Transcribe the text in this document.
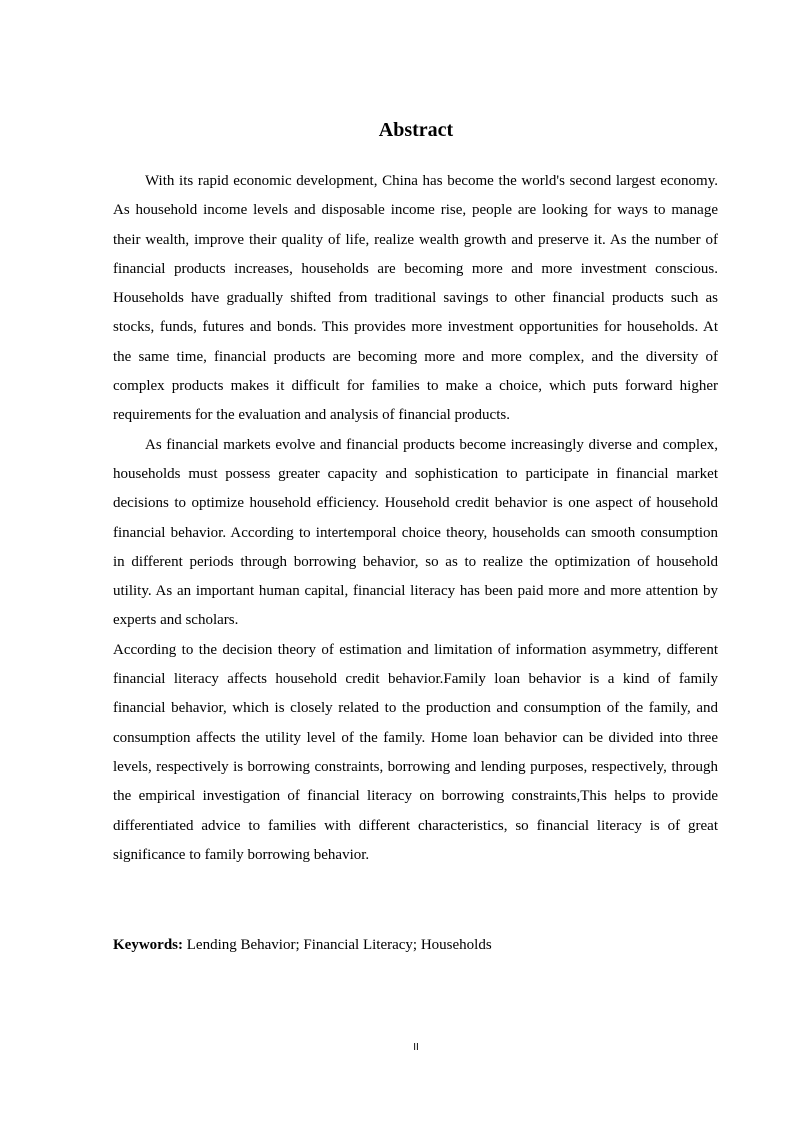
Abstract

With its rapid economic development, China has become the world's second largest economy. As household income levels and disposable income rise, people are looking for ways to manage their wealth, improve their quality of life, realize wealth growth and preserve it. As the number of financial products increases, households are becoming more and more investment conscious. Households have gradually shifted from traditional savings to other financial products such as stocks, funds, futures and bonds. This provides more investment opportunities for households. At the same time, financial products are becoming more and more complex, and the diversity of complex products makes it difficult for families to make a choice, which puts forward higher requirements for the evaluation and analysis of financial products.

As financial markets evolve and financial products become increasingly diverse and complex, households must possess greater capacity and sophistication to participate in financial market decisions to optimize household efficiency. Household credit behavior is one aspect of household financial behavior. According to intertemporal choice theory, households can smooth consumption in different periods through borrowing behavior, so as to realize the optimization of household utility. As an important human capital, financial literacy has been paid more and more attention by experts and scholars.

According to the decision theory of estimation and limitation of information asymmetry, different financial literacy affects household credit behavior.Family loan behavior is a kind of family financial behavior, which is closely related to the production and consumption of the family, and consumption affects the utility level of the family. Home loan behavior can be divided into three levels, respectively is borrowing constraints, borrowing and lending purposes, respectively, through the empirical investigation of financial literacy on borrowing constraints,This helps to provide differentiated advice to families with different characteristics, so financial literacy is of great significance to family borrowing behavior.

Keywords: Lending Behavior; Financial Literacy; Households
II
